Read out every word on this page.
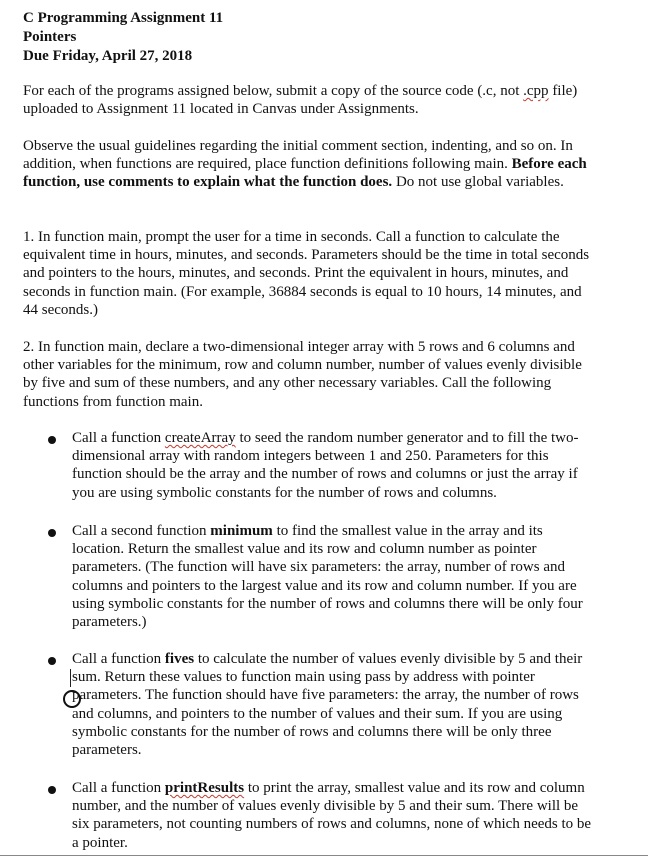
C Programming Assignment 11
Pointers
Due Friday, April 27, 2018

For each of the programs assigned below, submit a copy of the source code (.c, not .cpp file) uploaded to Assignment 11 located in Canvas under Assignments.

Observe the usual guidelines regarding the initial comment section, indenting, and so on. In addition, when functions are required, place function definitions following main. Before each function, use comments to explain what the function does. Do not use global variables.

1. In function main, prompt the user for a time in seconds. Call a function to calculate the equivalent time in hours, minutes, and seconds. Parameters should be the time in total seconds and pointers to the hours, minutes, and seconds. Print the equivalent in hours, minutes, and seconds in function main. (For example, 36884 seconds is equal to 10 hours, 14 minutes, and 44 seconds.)

2. In function main, declare a two-dimensional integer array with 5 rows and 6 columns and other variables for the minimum, row and column number, number of values evenly divisible by five and sum of these numbers, and any other necessary variables. Call the following functions from function main.

Call a function createArray to seed the random number generator and to fill the two-dimensional array with random integers between 1 and 250. Parameters for this function should be the array and the number of rows and columns or just the array if you are using symbolic constants for the number of rows and columns.

Call a second function minimum to find the smallest value in the array and its location. Return the smallest value and its row and column number as pointer parameters. (The function will have six parameters: the array, number of rows and columns and pointers to the largest value and its row and column number. If you are using symbolic constants for the number of rows and columns there will be only four parameters.)

Call a function fives to calculate the number of values evenly divisible by 5 and their sum. Return these values to function main using pass by address with pointer parameters. The function should have five parameters: the array, the number of rows and columns, and pointers to the number of values and their sum. If you are using symbolic constants for the number of rows and columns there will be only three parameters.

Call a function printResults to print the array, smallest value and its row and column number, and the number of values evenly divisible by 5 and their sum. There will be six parameters, not counting numbers of rows and columns, none of which needs to be a pointer.
